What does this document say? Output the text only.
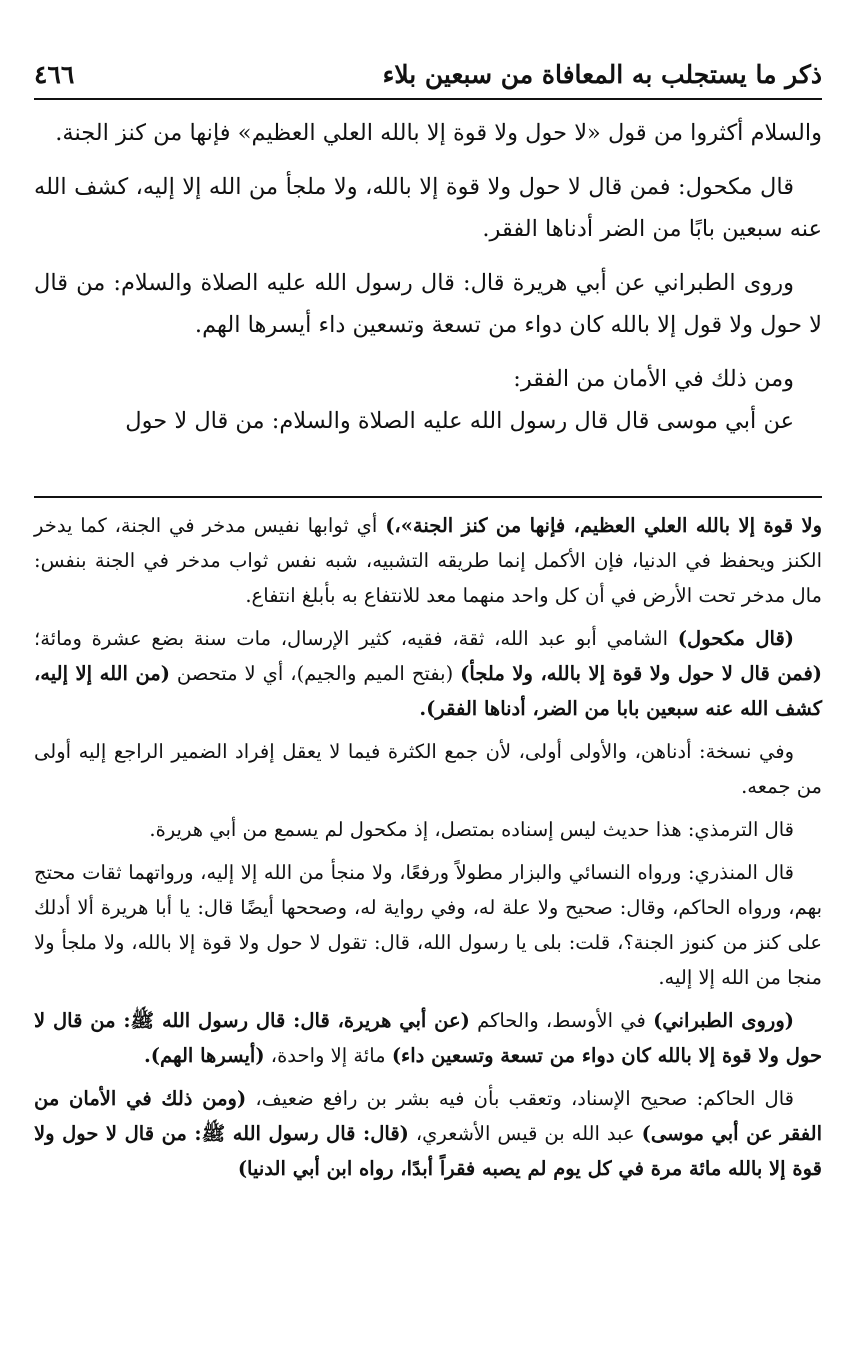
ذكر ما يستجلب به المعافاة من سبعين بلاء
٤٦٦

والسلام أكثروا من قول «لا حول ولا قوة إلا بالله العلي العظيم» فإنها من كنز الجنة.

قال مكحول: فمن قال لا حول ولا قوة إلا بالله، ولا ملجأ من الله إلا إليه، كشف الله عنه سبعين بابًا من الضر أدناها الفقر.

وروى الطبراني عن أبي هريرة قال: قال رسول الله عليه الصلاة والسلام: من قال لا حول ولا قول إلا بالله كان دواء من تسعة وتسعين داء أيسرها الهم.

ومن ذلك في الأمان من الفقر:

عن أبي موسى قال قال رسول الله عليه الصلاة والسلام: من قال لا حول

ولا قوة إلا بالله العلي العظيم، فإنها من كنز الجنة»،) أي ثوابها نفيس مدخر في الجنة، كما يدخر الكنز ويحفظ في الدنيا، فإن الأكمل إنما طريقه التشبيه، شبه نفس ثواب مدخر في الجنة بنفس: مال مدخر تحت الأرض في أن كل واحد منهما معد للانتفاع به بأبلغ انتفاع.

(قال مكحول) الشامي أبو عبد الله، ثقة، فقيه، كثير الإرسال، مات سنة بضع عشرة ومائة؛ (فمن قال لا حول ولا قوة إلا بالله، ولا ملجأ) (بفتح الميم والجيم)، أي لا متحصن (من الله إلا إليه، كشف الله عنه سبعين بابا من الضر، أدناها الفقر).

وفي نسخة: أدناهن، والأولى أولى، لأن جمع الكثرة فيما لا يعقل إفراد الضمير الراجع إليه أولى من جمعه.

قال الترمذي: هذا حديث ليس إسناده بمتصل، إذ مكحول لم يسمع من أبي هريرة.

قال المنذري: ورواه النسائي والبزار مطولاً ورفعًا، ولا منجأ من الله إلا إليه، ورواتهما ثقات محتج بهم، ورواه الحاكم، وقال: صحيح ولا علة له، وفي رواية له، وصححها أيضًا قال: يا أبا هريرة ألا أدلك على كنز من كنوز الجنة؟، قلت: بلى يا رسول الله، قال: تقول لا حول ولا قوة إلا بالله، ولا ملجأ ولا منجا من الله إلا إليه.

(وروى الطبراني) في الأوسط، والحاكم (عن أبي هريرة، قال: قال رسول الله ﷺ: من قال لا حول ولا قوة إلا بالله كان دواء من تسعة وتسعين داء) مائة إلا واحدة، (أيسرها الهم).

قال الحاكم: صحيح الإسناد، وتعقب بأن فيه بشر بن رافع ضعيف، (ومن ذلك في الأمان من الفقر عن أبي موسى) عبد الله بن قيس الأشعري، (قال: قال رسول الله ﷺ: من قال لا حول ولا قوة إلا بالله مائة مرة في كل يوم لم يصبه فقراً أبدًا، رواه ابن أبي الدنيا)
